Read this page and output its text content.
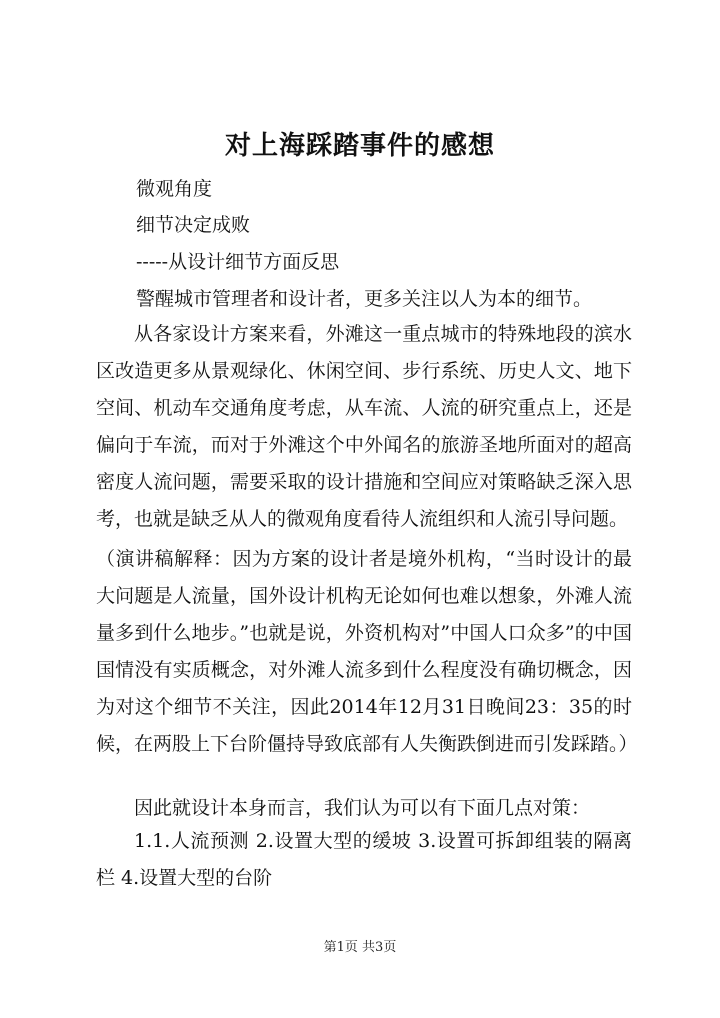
对上海踩踏事件的感想

微观角度

细节决定成败

-----从设计细节方面反思

警醒城市管理者和设计者，更多关注以人为本的细节。

从各家设计方案来看，外滩这一重点城市的特殊地段的滨水区改造更多从景观绿化、休闲空间、步行系统、历史人文、地下空间、机动车交通角度考虑，从车流、人流的研究重点上，还是偏向于车流，而对于外滩这个中外闻名的旅游圣地所面对的超高密度人流问题，需要采取的设计措施和空间应对策略缺乏深入思考，也就是缺乏从人的微观角度看待人流组织和人流引导问题。

（演讲稿解释：因为方案的设计者是境外机构，“当时设计的最大问题是人流量，国外设计机构无论如何也难以想象，外滩人流量多到什么地步。”也就是说，外资机构对”中国人口众多”的中国国情没有实质概念，对外滩人流多到什么程度没有确切概念，因为对这个细节不关注，因此2014年12月31日晚间23：35的时候，在两股上下台阶僵持导致底部有人失衡跌倒进而引发踩踏。）

因此就设计本身而言，我们认为可以有下面几点对策：

1.1.人流预测 2.设置大型的缓坡 3.设置可拆卸组装的隔离栏 4.设置大型的台阶

第1页 共3页
